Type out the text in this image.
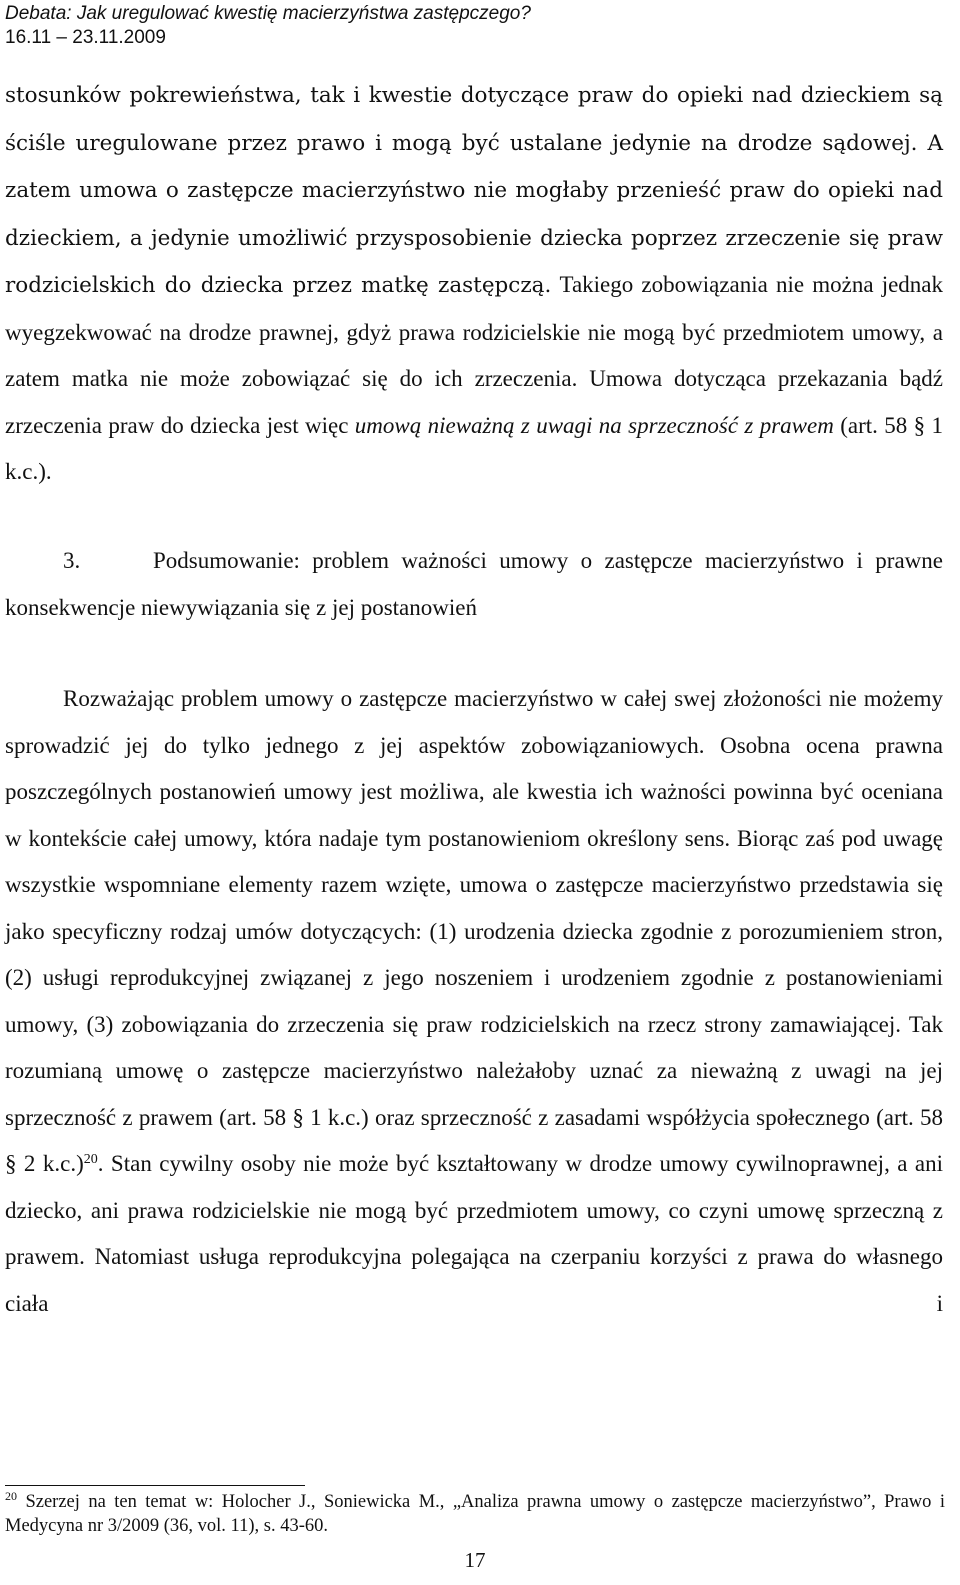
Debata: Jak uregulować kwestię macierzyństwa zastępczego?
16.11 – 23.11.2009

stosunków pokrewieństwa, tak i kwestie dotyczące praw do opieki nad dzieckiem są ściśle uregulowane przez prawo i mogą być ustalane jedynie na drodze sądowej. A zatem umowa o zastępcze macierzyństwo nie mogłaby przenieść praw do opieki nad dzieckiem, a jedynie umożliwić przysposobienie dziecka poprzez zrzeczenie się praw rodzicielskich do dziecka przez matkę zastępczą. Takiego zobowiązania nie można jednak wyegzekwować na drodze prawnej, gdyż prawa rodzicielskie nie mogą być przedmiotem umowy, a zatem matka nie może zobowiązać się do ich zrzeczenia. Umowa dotycząca przekazania bądź zrzeczenia praw do dziecka jest więc umową nieważną z uwagi na sprzeczność z prawem (art. 58 § 1 k.c.).

3.	Podsumowanie: problem ważności umowy o zastępcze macierzyństwo i prawne konsekwencje niewywiązania się z jej postanowień

Rozważając problem umowy o zastępcze macierzyństwo w całej swej złożoności nie możemy sprowadzić jej do tylko jednego z jej aspektów zobowiązaniowych. Osobna ocena prawna poszczególnych postanowień umowy jest możliwa, ale kwestia ich ważności powinna być oceniana w kontekście całej umowy, która nadaje tym postanowieniom określony sens. Biorąc zaś pod uwagę wszystkie wspomniane elementy razem wzięte, umowa o zastępcze macierzyństwo przedstawia się jako specyficzny rodzaj umów dotyczących: (1) urodzenia dziecka zgodnie z porozumieniem stron, (2) usługi reprodukcyjnej związanej z jego noszeniem i urodzeniem zgodnie z postanowieniami umowy, (3) zobowiązania do zrzeczenia się praw rodzicielskich na rzecz strony zamawiającej. Tak rozumianą umowę o zastępcze macierzyństwo należałoby uznać za nieważną z uwagi na jej sprzeczność z prawem (art. 58 § 1 k.c.) oraz sprzeczność z zasadami współżycia społecznego (art. 58 § 2 k.c.)$^{20}$. Stan cywilny osoby nie może być kształtowany w drodze umowy cywilnoprawnej, a ani dziecko, ani prawa rodzicielskie nie mogą być przedmiotem umowy, co czyni umowę sprzeczną z prawem. Natomiast usługa reprodukcyjna polegająca na czerpaniu korzyści z prawa do własnego ciała i

$^{20}$ Szerzej na ten temat w: Holocher J., Soniewicka M., „Analiza prawna umowy o zastępcze macierzyństwo”, Prawo i Medycyna nr 3/2009 (36, vol. 11), s. 43-60.

17
